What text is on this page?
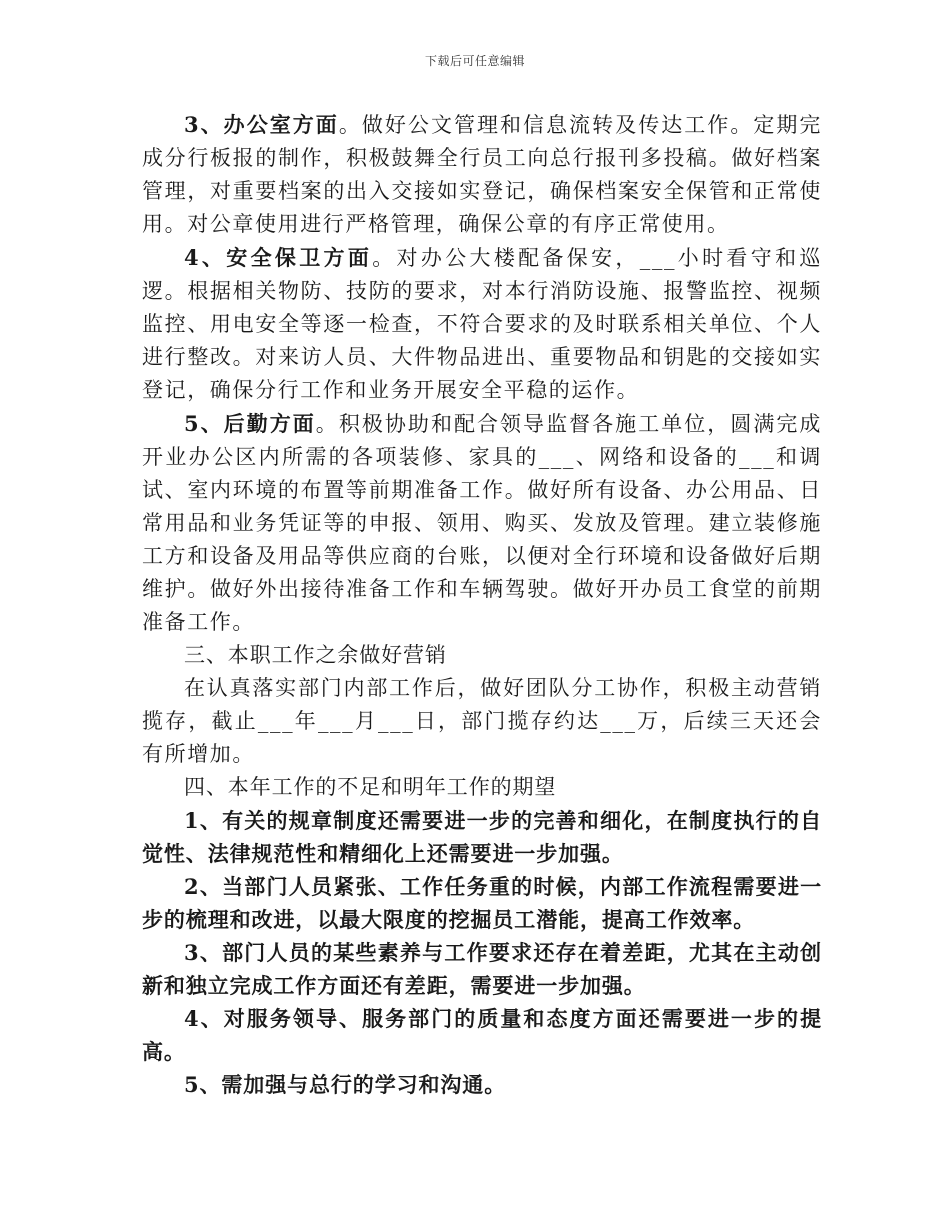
下载后可任意编辑

3、办公室方面。做好公文管理和信息流转及传达工作。定期完成分行板报的制作，积极鼓舞全行员工向总行报刊多投稿。做好档案管理，对重要档案的出入交接如实登记，确保档案安全保管和正常使用。对公章使用进行严格管理，确保公章的有序正常使用。

4、安全保卫方面。对办公大楼配备保安，___小时看守和巡逻。根据相关物防、技防的要求，对本行消防设施、报警监控、视频监控、用电安全等逐一检查，不符合要求的及时联系相关单位、个人进行整改。对来访人员、大件物品进出、重要物品和钥匙的交接如实登记，确保分行工作和业务开展安全平稳的运作。

5、后勤方面。积极协助和配合领导监督各施工单位，圆满完成开业办公区内所需的各项装修、家具的___、网络和设备的___和调试、室内环境的布置等前期准备工作。做好所有设备、办公用品、日常用品和业务凭证等的申报、领用、购买、发放及管理。建立装修施工方和设备及用品等供应商的台账，以便对全行环境和设备做好后期维护。做好外出接待准备工作和车辆驾驶。做好开办员工食堂的前期准备工作。

三、本职工作之余做好营销

在认真落实部门内部工作后，做好团队分工协作，积极主动营销揽存，截止___年___月___日，部门揽存约达___万，后续三天还会有所增加。

四、本年工作的不足和明年工作的期望

1、有关的规章制度还需要进一步的完善和细化，在制度执行的自觉性、法律规范性和精细化上还需要进一步加强。

2、当部门人员紧张、工作任务重的时候，内部工作流程需要进一步的梳理和改进，以最大限度的挖掘员工潜能，提高工作效率。

3、部门人员的某些素养与工作要求还存在着差距，尤其在主动创新和独立完成工作方面还有差距，需要进一步加强。

4、对服务领导、服务部门的质量和态度方面还需要进一步的提高。

5、需加强与总行的学习和沟通。
